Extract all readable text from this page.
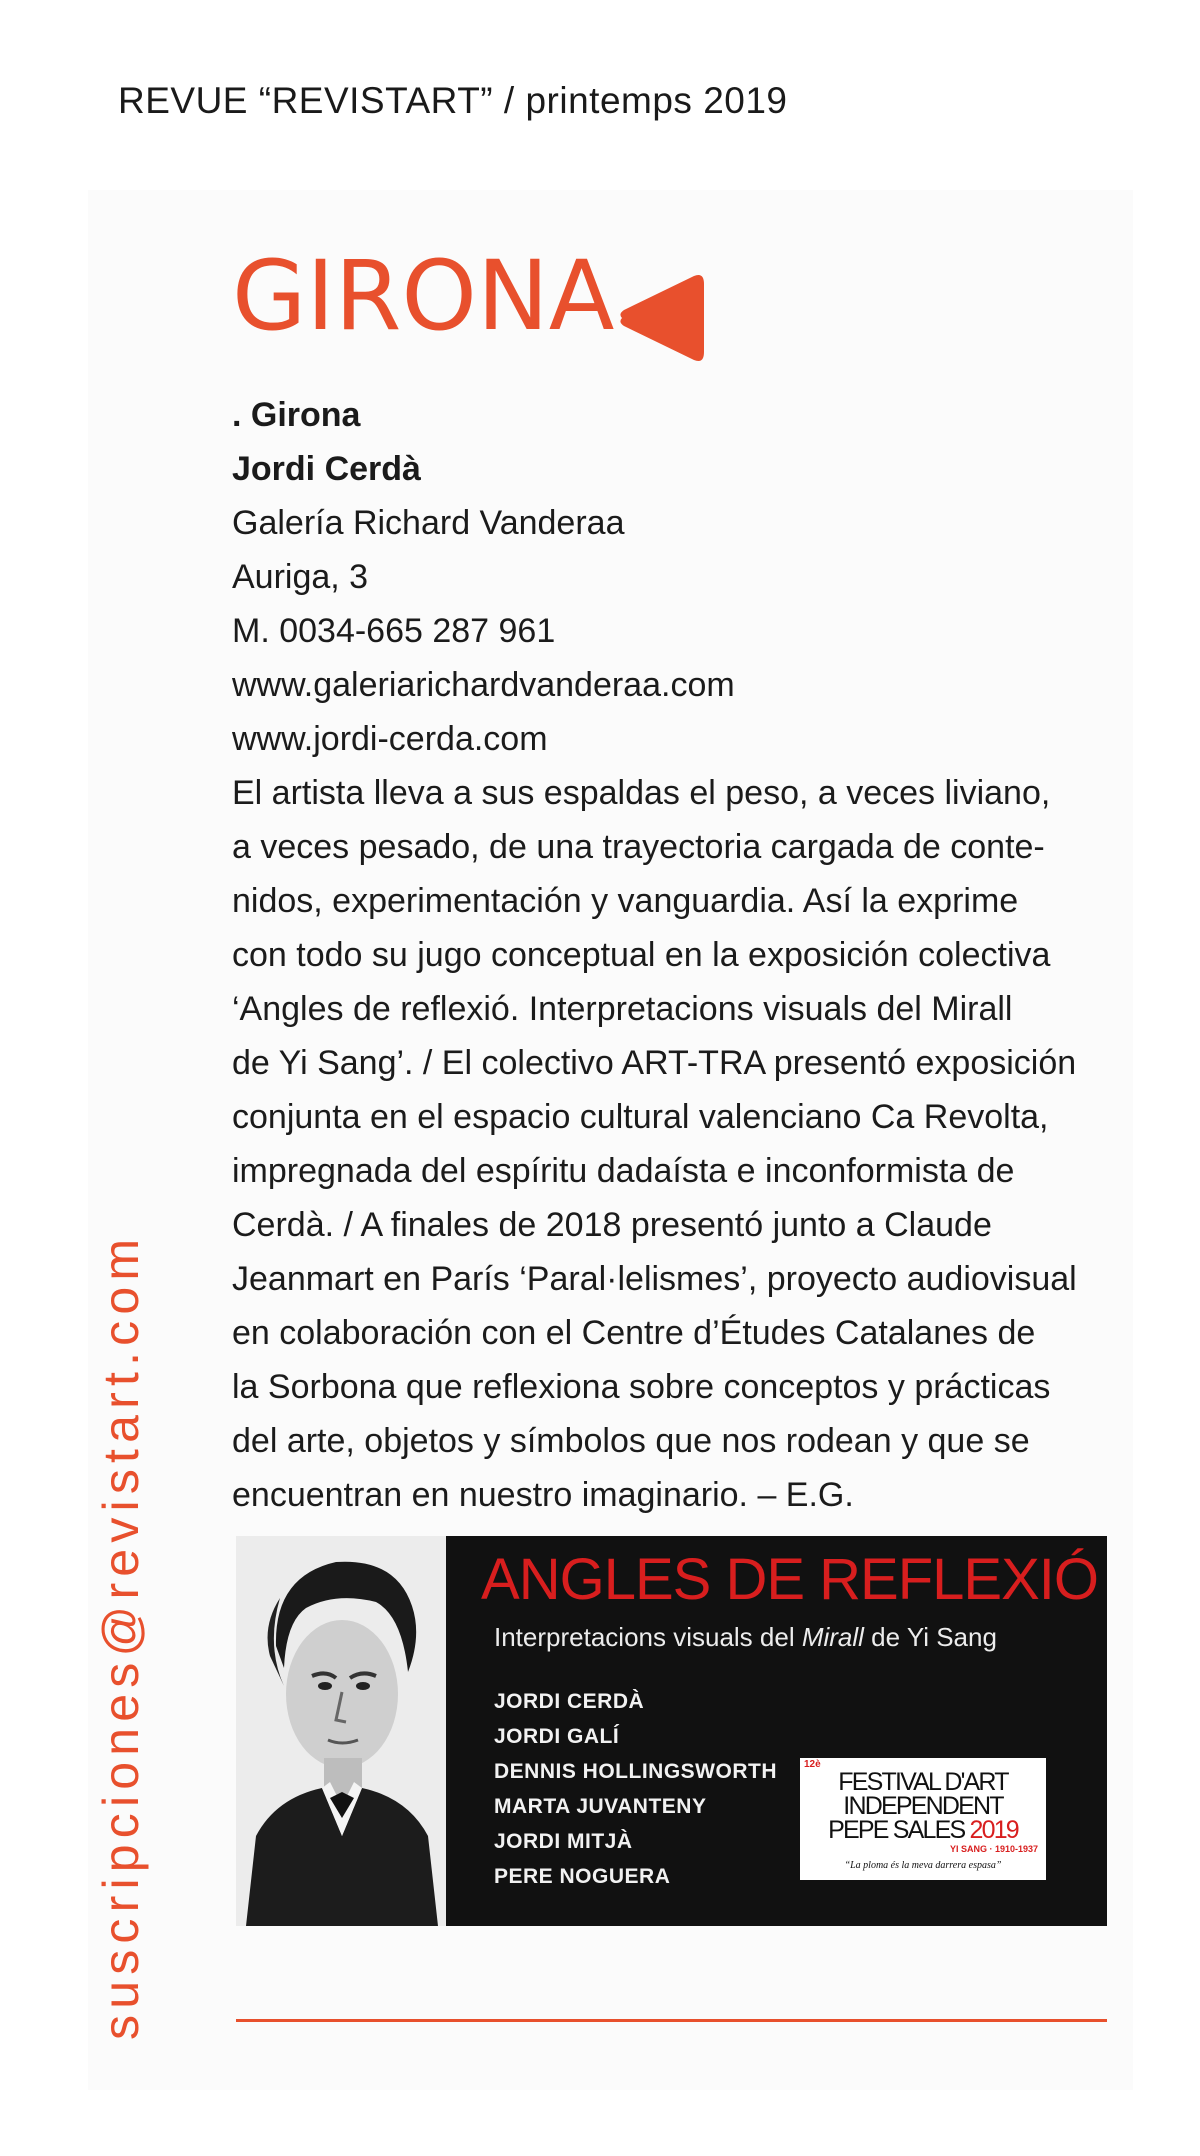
REVUE “REVISTART” / printemps 2019
suscripciones@revistart.com
GIRONA
. Girona
Jordi Cerdà
Galería Richard Vanderaa
Auriga, 3
M. 0034-665 287 961
www.galeriarichardvanderaa.com
www.jordi-cerda.com

El artista lleva a sus espaldas el peso, a veces liviano,
a veces pesado, de una trayectoria cargada de conte-
nidos, experimentación y vanguardia. Así la exprime
con todo su jugo conceptual en la exposición colectiva
‘Angles de reflexió. Interpretacions visuals del Mirall
de Yi Sang’. / El colectivo ART-TRA presentó exposición
conjunta en el espacio cultural valenciano Ca Revolta,
impregnada del espíritu dadaísta e inconformista de
Cerdà. / A finales de 2018 presentó junto a Claude
Jeanmart en París ‘Paral·lelismes’, proyecto audiovisual
en colaboración con el Centre d’Études Catalanes de
la Sorbona que reflexiona sobre conceptos y prácticas
del arte, objetos y símbolos que nos rodean y que se
encuentran en nuestro imaginario. – E.G.

ANGLES DE REFLEXIÓ
Interpretacions visuals del Mirall de Yi Sang
JORDI CERDÀ
JORDI GALÍ
DENNIS HOLLINGSWORTH
MARTA JUVANTENY
JORDI MITJÀ
PERE NOGUERA
12è
FESTIVAL D'ART
INDEPENDENT
PEPE SALES 2019
YI SANG · 1910-1937
“La ploma és la meva darrera espasa”
